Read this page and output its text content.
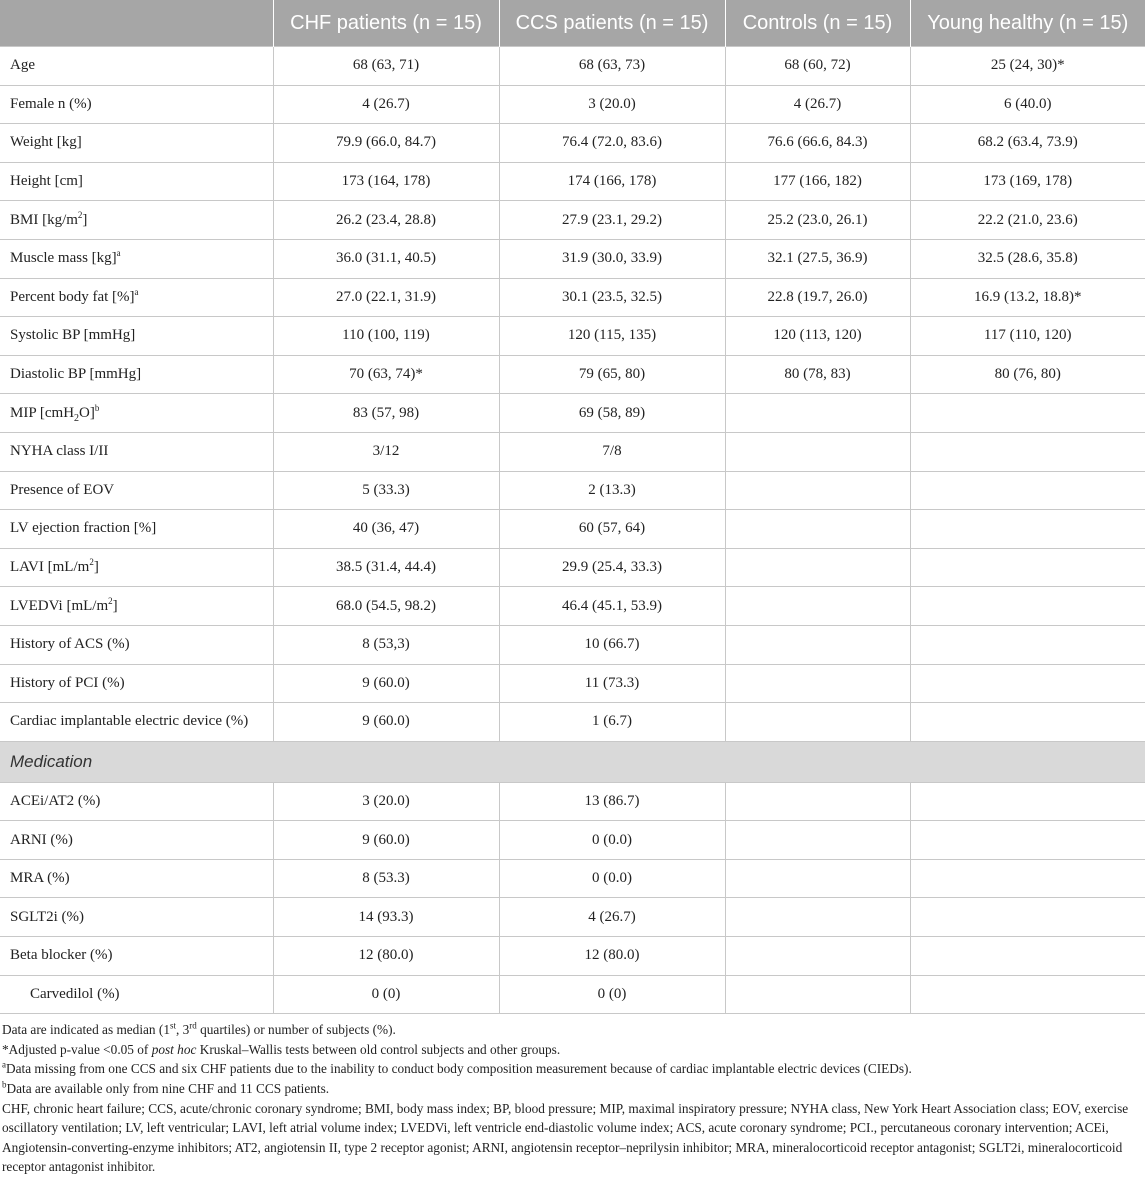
	CHF patients (n = 15)	CCS patients (n = 15)	Controls (n = 15)	Young healthy (n = 15)
Age	68 (63, 71)	68 (63, 73)	68 (60, 72)	25 (24, 30)*
Female n (%)	4 (26.7)	3 (20.0)	4 (26.7)	6 (40.0)
Weight [kg]	79.9 (66.0, 84.7)	76.4 (72.0, 83.6)	76.6 (66.6, 84.3)	68.2 (63.4, 73.9)
Height [cm]	173 (164, 178)	174 (166, 178)	177 (166, 182)	173 (169, 178)
BMI $[kg/m^2]$	26.2 (23.4, 28.8)	27.9 (23.1, 29.2)	25.2 (23.0, 26.1)	22.2 (21.0, 23.6)
Muscle mass [kg]$^a$	36.0 (31.1, 40.5)	31.9 (30.0, 33.9)	32.1 (27.5, 36.9)	32.5 (28.6, 35.8)
Percent body fat [%]$^a$	27.0 (22.1, 31.9)	30.1 (23.5, 32.5)	22.8 (19.7, 26.0)	16.9 (13.2, 18.8)*
Systolic BP [mmHg]	110 (100, 119)	120 (115, 135)	120 (113, 120)	117 (110, 120)
Diastolic BP [mmHg]	70 (63, 74)*	79 (65, 80)	80 (78, 83)	80 (76, 80)
MIP $[cmH_2O]^b$	83 (57, 98)	69 (58, 89)		
NYHA class I/II	3/12	7/8		
Presence of EOV	5 (33.3)	2 (13.3)		
LV ejection fraction [%]	40 (36, 47)	60 (57, 64)		
LAVI $[mL/m^2]$	38.5 (31.4, 44.4)	29.9 (25.4, 33.3)		
LVEDVi $[mL/m^2]$	68.0 (54.5, 98.2)	46.4 (45.1, 53.9)		
History of ACS (%)	8 (53,3)	10 (66.7)		
History of PCI (%)	9 (60.0)	11 (73.3)		
Cardiac implantable electric device (%)	9 (60.0)	1 (6.7)		
Medication				
ACEi/AT2 (%)	3 (20.0)	13 (86.7)		
ARNI (%)	9 (60.0)	0 (0.0)		
MRA (%)	8 (53.3)	0 (0.0)		
SGLT2i (%)	14 (93.3)	4 (26.7)		
Beta blocker (%)	12 (80.0)	12 (80.0)		
Carvedilol (%)	0 (0)	0 (0)		

Data are indicated as median (1st, 3rd quartiles) or number of subjects (%).

*Adjusted p-value <0.05 of post hoc Kruskal–Wallis tests between old control subjects and other groups.

$^a$Data missing from one CCS and six CHF patients due to the inability to conduct body composition measurement because of cardiac implantable electric devices (CIEDs).

$^b$Data are available only from nine CHF and 11 CCS patients.

CHF, chronic heart failure; CCS, acute/chronic coronary syndrome; BMI, body mass index; BP, blood pressure; MIP, maximal inspiratory pressure; NYHA class, New York Heart Association class; EOV, exercise oscillatory ventilation; LV, left ventricular; LAVI, left atrial volume index; LVEDVi, left ventricle end-diastolic volume index; ACS, acute coronary syndrome; PCI., percutaneous coronary intervention; ACEi, Angiotensin-converting-enzyme inhibitors; AT2, angiotensin II, type 2 receptor agonist; ARNI, angiotensin receptor–neprilysin inhibitor; MRA, mineralocorticoid receptor antagonist; SGLT2i, mineralocorticoid receptor antagonist inhibitor.
